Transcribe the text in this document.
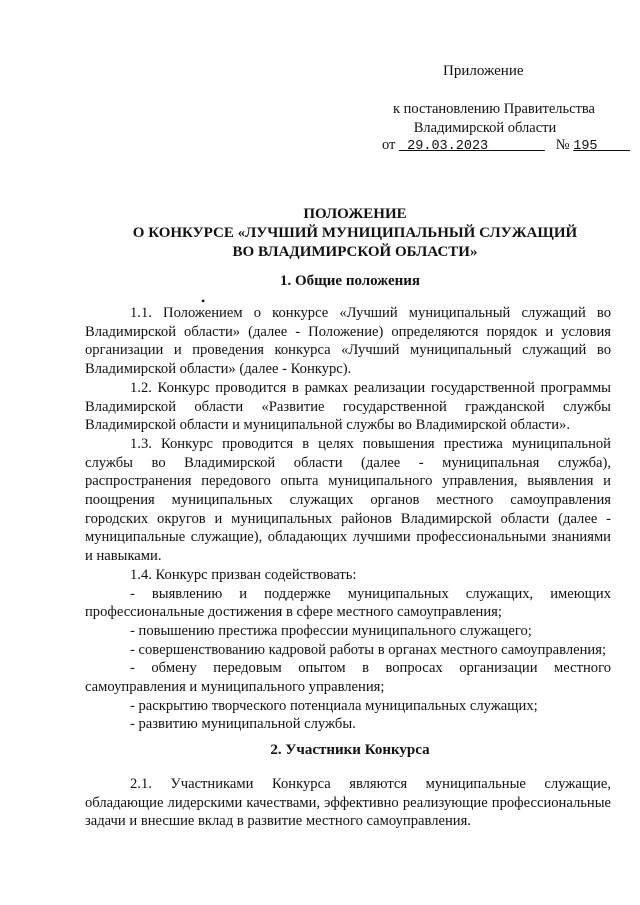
Приложение
к постановлению Правительства
Владимирской области
от 29.03.2023	№ 195
ПОЛОЖЕНИЕ
О КОНКУРСЕ «ЛУЧШИЙ МУНИЦИПАЛЬНЫЙ СЛУЖАЩИЙ
ВО ВЛАДИМИРСКОЙ ОБЛАСТИ»
1. Общие положения
•

1.1. Положением о конкурсе «Лучший муниципальный служащий во Владимирской области» (далее - Положение) определяются порядок и условия организации и проведения конкурса «Лучший муниципальный служащий во Владимирской области» (далее - Конкурс).

1.2. Конкурс проводится в рамках реализации государственной программы Владимирской области «Развитие государственной гражданской службы Владимирской области и муниципальной службы во Владимирской области».

1.3. Конкурс проводится в целях повышения престижа муниципальной службы во Владимирской области (далее - муниципальная служба), распространения передового опыта муниципального управления, выявления и поощрения муниципальных служащих органов местного самоуправления городских округов и муниципальных районов Владимирской области (далее - муниципальные служащие), обладающих лучшими профессиональными знаниями и навыками.

1.4. Конкурс призван содействовать:

- выявлению и поддержке муниципальных служащих, имеющих профессиональные достижения в сфере местного самоуправления;

- повышению престижа профессии муниципального служащего;

- совершенствованию кадровой работы в органах местного самоуправления;

- обмену передовым опытом в вопросах организации местного самоуправления и муниципального управления;

- раскрытию творческого потенциала муниципальных служащих;

- развитию муниципальной службы.

2. Участники Конкурса

2.1. Участниками Конкурса являются муниципальные служащие, обладающие лидерскими качествами, эффективно реализующие профессиональные задачи и внесшие вклад в развитие местного самоуправления.
